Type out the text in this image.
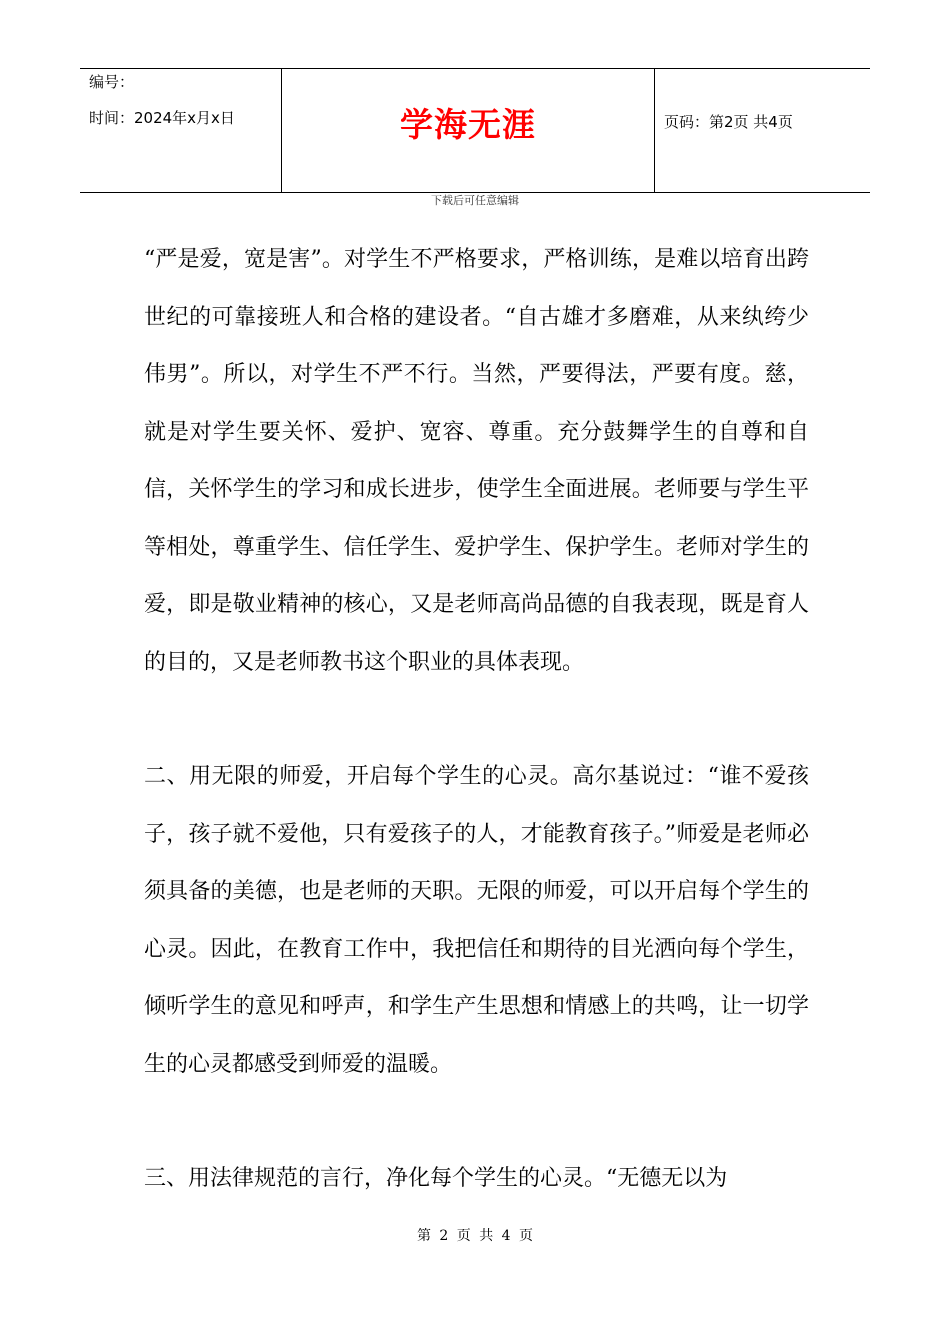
编号：
时间：2024年x月x日	学海无涯	页码：第2页 共4页
下载后可任意编辑

“严是爱，宽是害”。对学生不严格要求，严格训练，是难以培育出跨世纪的可靠接班人和合格的建设者。“自古雄才多磨难，从来纨绔少伟男”。所以，对学生不严不行。当然，严要得法，严要有度。慈，就是对学生要关怀、爱护、宽容、尊重。充分鼓舞学生的自尊和自信，关怀学生的学习和成长进步，使学生全面进展。老师要与学生平等相处，尊重学生、信任学生、爱护学生、保护学生。老师对学生的爱，即是敬业精神的核心，又是老师高尚品德的自我表现，既是育人的目的，又是老师教书这个职业的具体表现。

二、用无限的师爱，开启每个学生的心灵。高尔基说过：“谁不爱孩子，孩子就不爱他，只有爱孩子的人，才能教育孩子。”师爱是老师必须具备的美德，也是老师的天职。无限的师爱，可以开启每个学生的心灵。因此，在教育工作中，我把信任和期待的目光洒向每个学生，倾听学生的意见和呼声，和学生产生思想和情感上的共鸣，让一切学生的心灵都感受到师爱的温暖。

三、用法律规范的言行，净化每个学生的心灵。“无德无以为

第 2 页 共 4 页
